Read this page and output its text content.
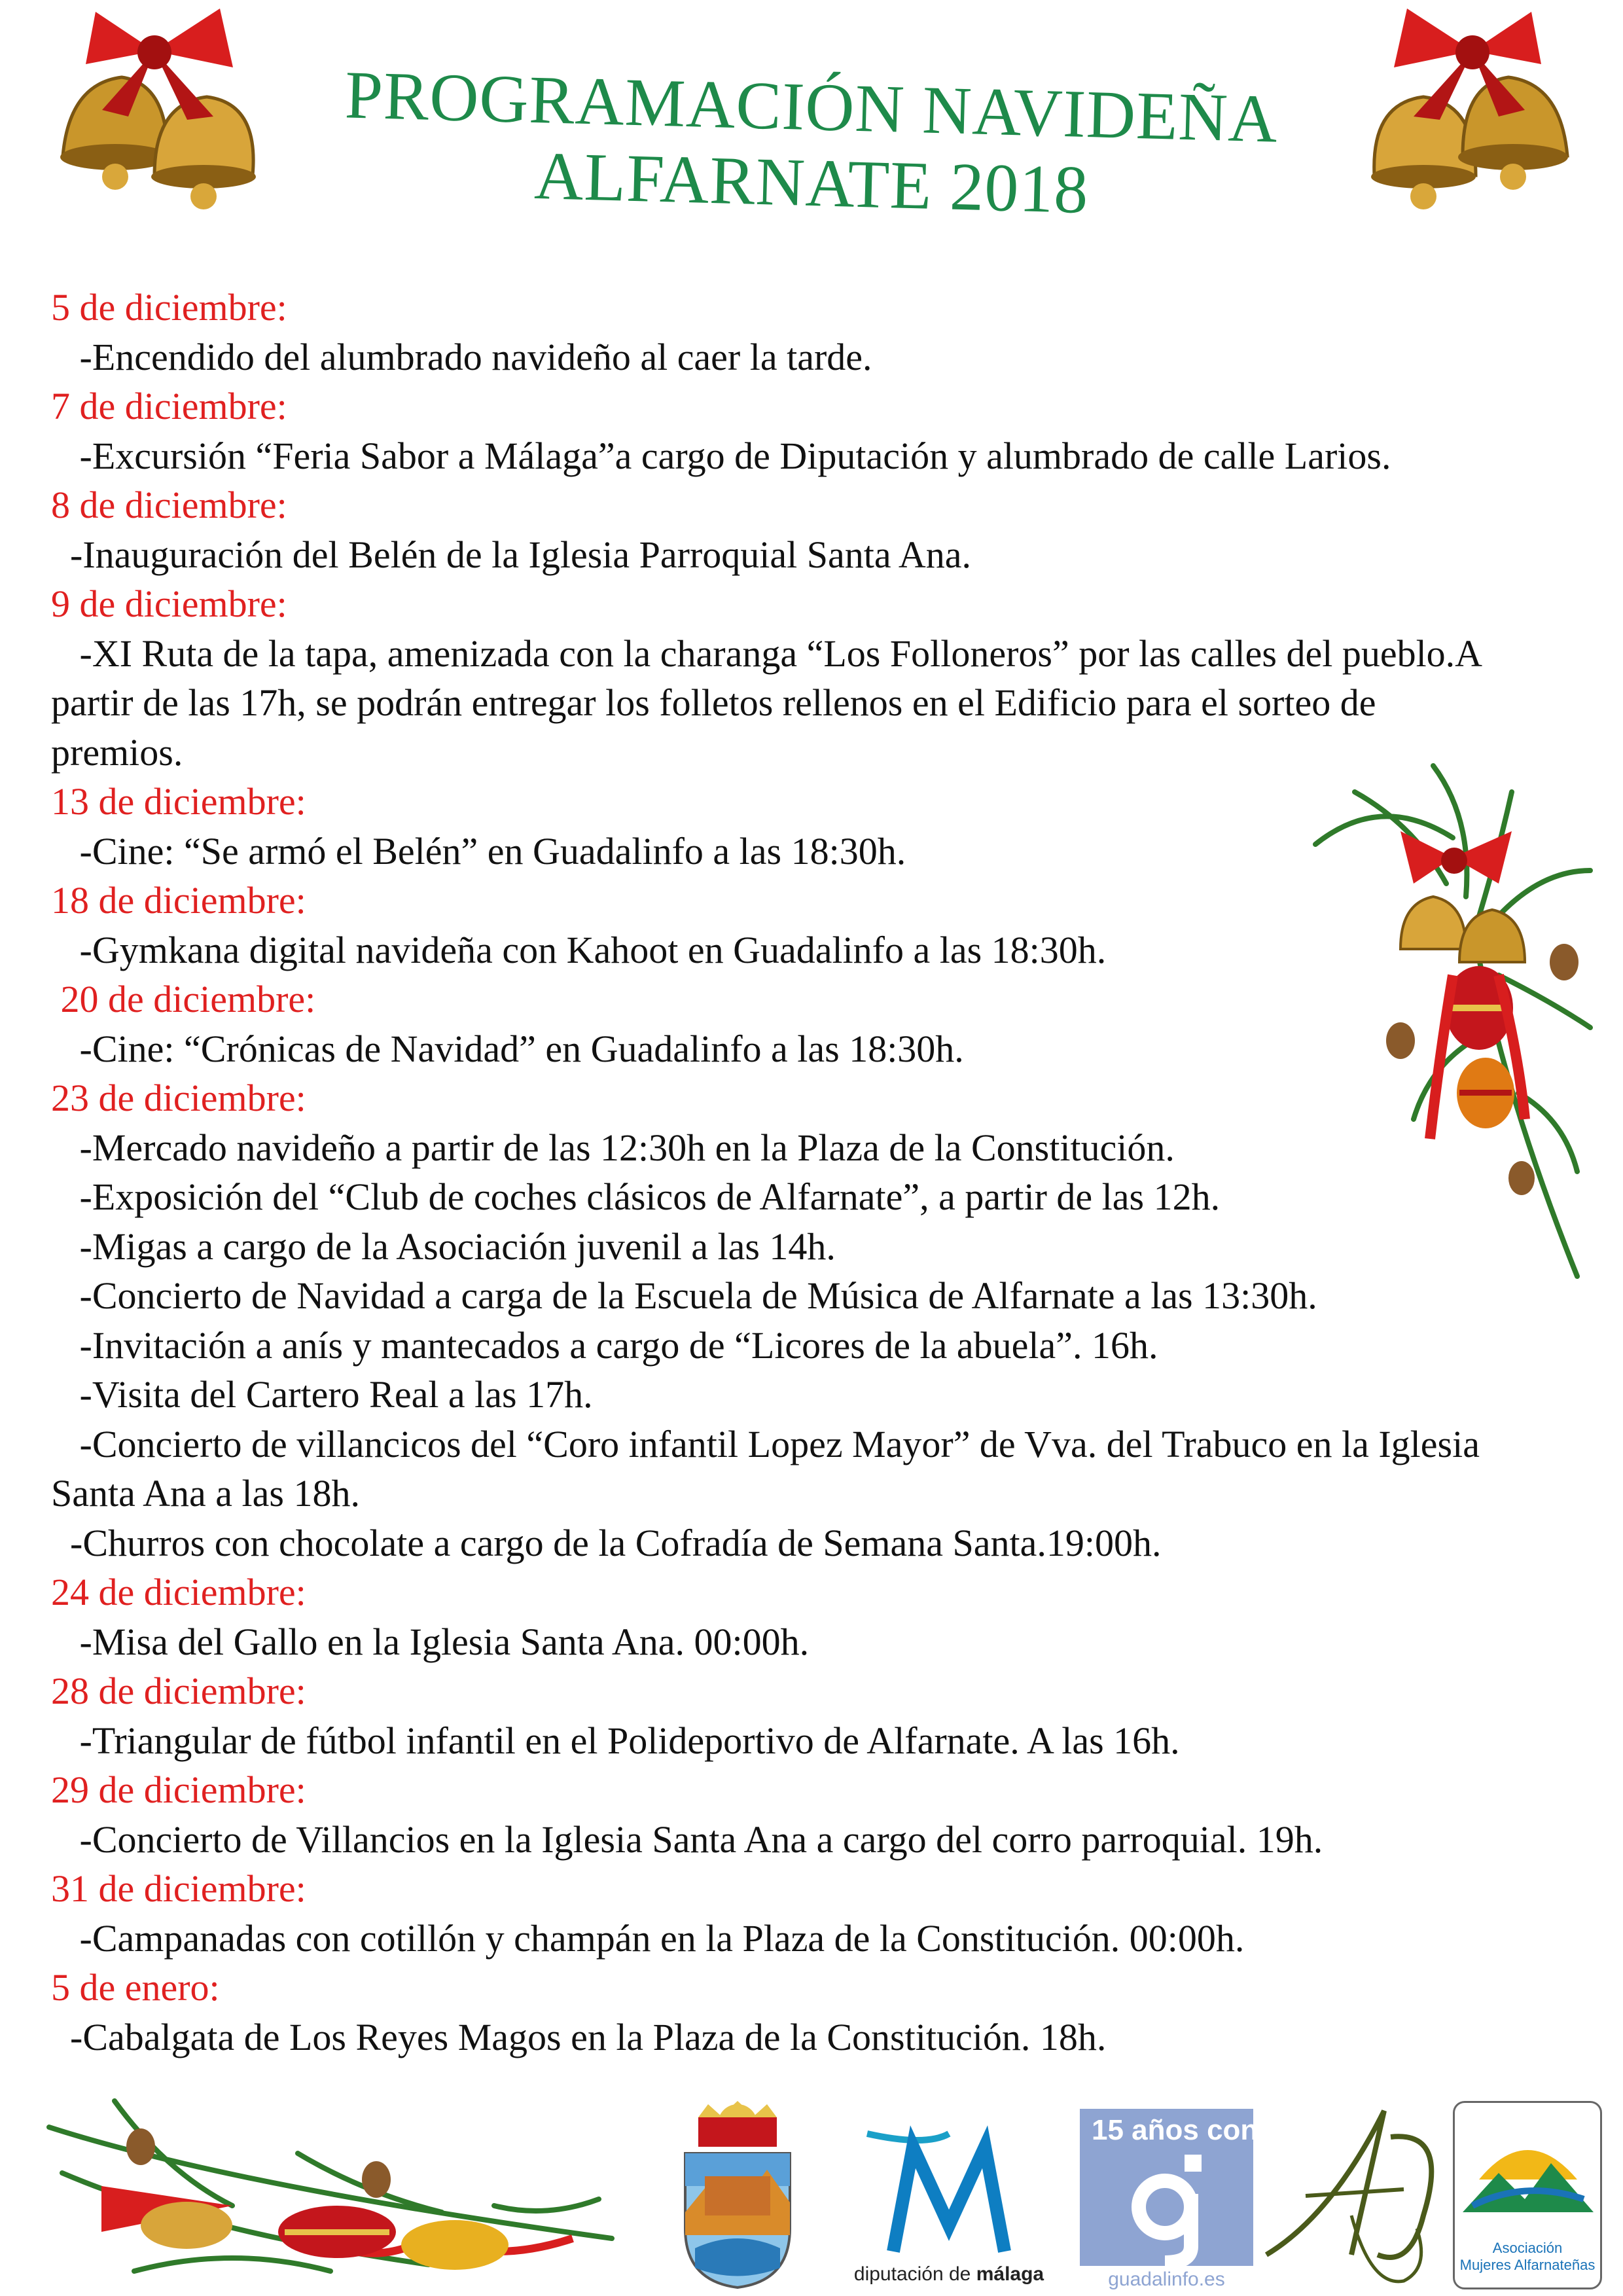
PROGRAMACIÓN NAVIDEÑA
ALFARNATE 2018
5 de diciembre:
-Encendido del alumbrado navideño al caer la tarde.
7 de diciembre:
-Excursión “Feria Sabor a Málaga”a cargo de Diputación y alumbrado de calle Larios.
8 de diciembre:
-Inauguración del Belén de la Iglesia Parroquial Santa Ana.
9 de diciembre:
-XI Ruta de la tapa, amenizada con la charanga “Los Folloneros” por las calles del pueblo.A partir de las 17h, se podrán entregar los folletos rellenos en el Edificio para el sorteo de premios.
13 de diciembre:
-Cine: “Se armó el Belén” en Guadalinfo a las 18:30h.
18 de diciembre:
-Gymkana digital navideña con Kahoot en Guadalinfo a las 18:30h.
20 de diciembre:
-Cine: “Crónicas de Navidad” en Guadalinfo a las 18:30h.
23 de diciembre:
-Mercado navideño a partir de las 12:30h en la Plaza de la Constitución.
-Exposición del “Club de coches clásicos de Alfarnate”, a partir de las 12h.
-Migas a cargo de la Asociación juvenil a las 14h.
-Concierto de Navidad a carga de la Escuela de Música de Alfarnate a las 13:30h.
-Invitación a anís y mantecados a cargo de “Licores de la abuela”. 16h.
-Visita del Cartero Real a las 17h.
-Concierto de villancicos del “Coro infantil Lopez Mayor” de Vva. del Trabuco en la Iglesia Santa Ana a las 18h.
-Churros con chocolate a cargo de la Cofradía de Semana Santa.19:00h.
24 de diciembre:
-Misa del Gallo en la Iglesia Santa Ana. 00:00h.
28 de diciembre:
-Triangular de fútbol infantil en el Polideportivo de Alfarnate. A las 16h.
29 de diciembre:
-Concierto de Villancios en la Iglesia Santa Ana a cargo del corro parroquial. 19h.
31 de diciembre:
-Campanadas con cotillón y champán en la Plaza de la Constitución. 00:00h.
5 de enero:
-Cabalgata de Los Reyes Magos en la Plaza de la Constitución. 18h.
diputación de málaga
15 años contigo
guadalinfo.es
Asociación
Mujeres Alfarnateñas
